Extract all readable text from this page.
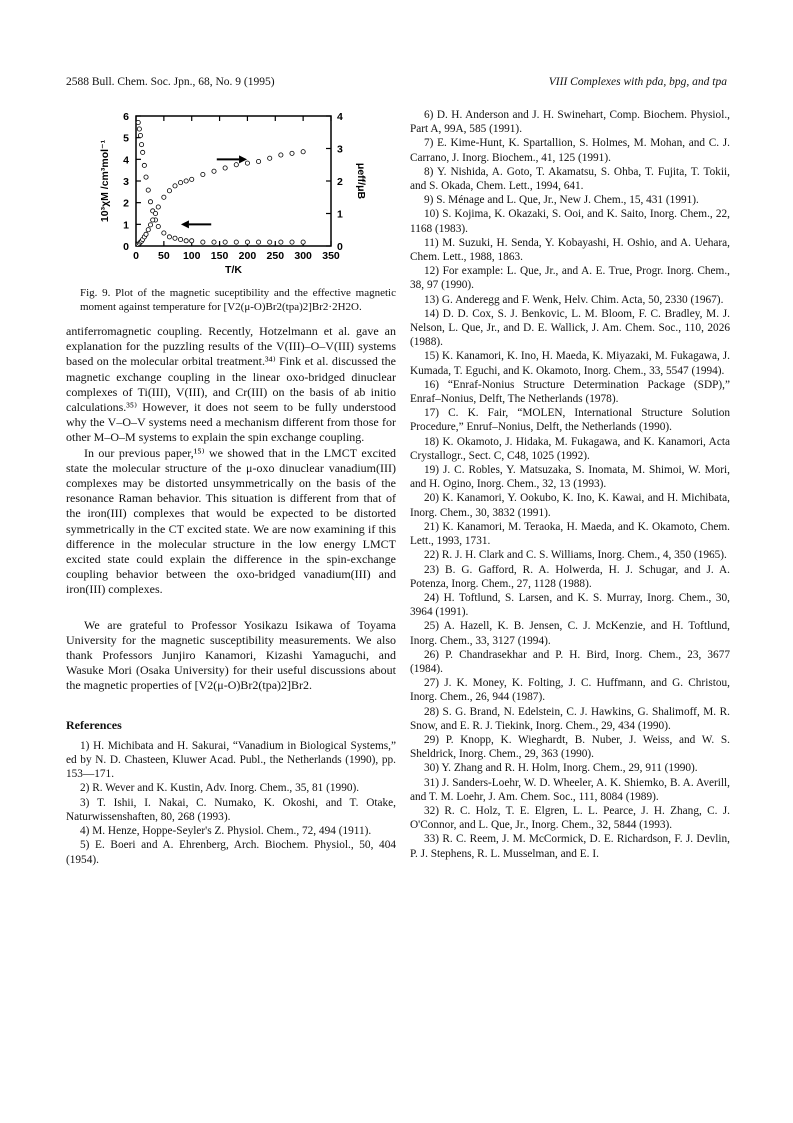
2588 Bull. Chem. Soc. Jpn., 68, No. 9 (1995)	VIII Complexes with pda, bpg, and tpa
0 50 100 150 200 250 300 350
0
1
2
3
4
5
6
0
1
2
3
4
T/K
10³χM /cm³mol⁻¹	μeff/μB

Fig. 9. Plot of the magnetic suceptibility and the effective magnetic moment against temperature for [V2(μ-O)Br2(tpa)2]Br2·2H2O.

antiferromagnetic coupling. Recently, Hotzelmann et al. gave an explanation for the puzzling results of the V(III)–O–V(III) systems based on the molecular orbital treatment.³⁴⁾ Fink et al. discussed the magnetic exchange coupling in the linear oxo-bridged dinuclear complexes of Ti(III), V(III), and Cr(III) on the basis of ab initio calculations.³⁵⁾ However, it does not seem to be fully understood why the V–O–V systems need a mechanism different from those for other M–O–M systems to explain the spin exchange coupling.

In our previous paper,¹⁵⁾ we showed that in the LMCT excited state the molecular structure of the μ-oxo dinuclear vanadium(III) complexes may be distorted unsymmetrically on the basis of the resonance Raman behavior. This situation is different from that of the iron(III) complexes that would be expected to be distorted symmetrically in the CT excited state. We are now examining if this difference in the molecular structure in the low energy LMCT excited state could explain the difference in the spin-exchange coupling behavior between the oxo-bridged vanadium(III) and iron(III) complexes.

We are grateful to Professor Yosikazu Isikawa of Toyama University for the magnetic susceptibility measurements. We also thank Professors Junjiro Kanamori, Kizashi Yamaguchi, and Wasuke Mori (Osaka University) for their useful discussions about the magnetic properties of [V2(μ-O)Br2(tpa)2]Br2.

References

1) H. Michibata and H. Sakurai, “Vanadium in Biological Systems,” ed by N. D. Chasteen, Kluwer Acad. Publ., the Netherlands (1990), pp. 153—171.

2) R. Wever and K. Kustin, Adv. Inorg. Chem., 35, 81 (1990).

3) T. Ishii, I. Nakai, C. Numako, K. Okoshi, and T. Otake, Naturwissenshaften, 80, 268 (1993).

4) M. Henze, Hoppe-Seyler's Z. Physiol. Chem., 72, 494 (1911).

5) E. Boeri and A. Ehrenberg, Arch. Biochem. Physiol., 50, 404 (1954).

6) D. H. Anderson and J. H. Swinehart, Comp. Biochem. Physiol., Part A, 99A, 585 (1991).

7) E. Kime-Hunt, K. Spartallion, S. Holmes, M. Mohan, and C. J. Carrano, J. Inorg. Biochem., 41, 125 (1991).

8) Y. Nishida, A. Goto, T. Akamatsu, S. Ohba, T. Fujita, T. Tokii, and S. Okada, Chem. Lett., 1994, 641.

9) S. Ménage and L. Que, Jr., New J. Chem., 15, 431 (1991).

10) S. Kojima, K. Okazaki, S. Ooi, and K. Saito, Inorg. Chem., 22, 1168 (1983).

11) M. Suzuki, H. Senda, Y. Kobayashi, H. Oshio, and A. Uehara, Chem. Lett., 1988, 1863.

12) For example: L. Que, Jr., and A. E. True, Progr. Inorg. Chem., 38, 97 (1990).

13) G. Anderegg and F. Wenk, Helv. Chim. Acta, 50, 2330 (1967).

14) D. D. Cox, S. J. Benkovic, L. M. Bloom, F. C. Bradley, M. J. Nelson, L. Que, Jr., and D. E. Wallick, J. Am. Chem. Soc., 110, 2026 (1988).

15) K. Kanamori, K. Ino, H. Maeda, K. Miyazaki, M. Fukagawa, J. Kumada, T. Eguchi, and K. Okamoto, Inorg. Chem., 33, 5547 (1994).

16) “Enraf-Nonius Structure Determination Package (SDP),” Enraf–Nonius, Delft, The Netherlands (1978).

17) C. K. Fair, “MOLEN, International Structure Solution Procedure,” Enruf–Nonius, Delft, the Netherlands (1990).

18) K. Okamoto, J. Hidaka, M. Fukagawa, and K. Kanamori, Acta Crystallogr., Sect. C, C48, 1025 (1992).

19) J. C. Robles, Y. Matsuzaka, S. Inomata, M. Shimoi, W. Mori, and H. Ogino, Inorg. Chem., 32, 13 (1993).

20) K. Kanamori, Y. Ookubo, K. Ino, K. Kawai, and H. Michibata, Inorg. Chem., 30, 3832 (1991).

21) K. Kanamori, M. Teraoka, H. Maeda, and K. Okamoto, Chem. Lett., 1993, 1731.

22) R. J. H. Clark and C. S. Williams, Inorg. Chem., 4, 350 (1965).

23) B. G. Gafford, R. A. Holwerda, H. J. Schugar, and J. A. Potenza, Inorg. Chem., 27, 1128 (1988).

24) H. Toftlund, S. Larsen, and K. S. Murray, Inorg. Chem., 30, 3964 (1991).

25) A. Hazell, K. B. Jensen, C. J. McKenzie, and H. Toftlund, Inorg. Chem., 33, 3127 (1994).

26) P. Chandrasekhar and P. H. Bird, Inorg. Chem., 23, 3677 (1984).

27) J. K. Money, K. Folting, J. C. Huffmann, and G. Christou, Inorg. Chem., 26, 944 (1987).

28) S. G. Brand, N. Edelstein, C. J. Hawkins, G. Shalimoff, M. R. Snow, and E. R. J. Tiekink, Inorg. Chem., 29, 434 (1990).

29) P. Knopp, K. Wieghardt, B. Nuber, J. Weiss, and W. S. Sheldrick, Inorg. Chem., 29, 363 (1990).

30) Y. Zhang and R. H. Holm, Inorg. Chem., 29, 911 (1990).

31) J. Sanders-Loehr, W. D. Wheeler, A. K. Shiemko, B. A. Averill, and T. M. Loehr, J. Am. Chem. Soc., 111, 8084 (1989).

32) R. C. Holz, T. E. Elgren, L. L. Pearce, J. H. Zhang, C. J. O'Connor, and L. Que, Jr., Inorg. Chem., 32, 5844 (1993).

33) R. C. Reem, J. M. McCormick, D. E. Richardson, F. J. Devlin, P. J. Stephens, R. L. Musselman, and E. I.
